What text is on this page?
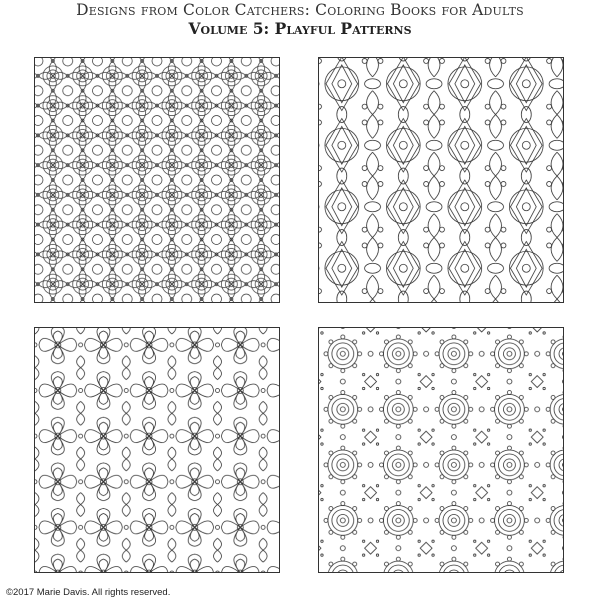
Designs from Color Catchers: Coloring Books for Adults
Volume 5: Playful Patterns
©2017 Marie Davis. All rights reserved.
